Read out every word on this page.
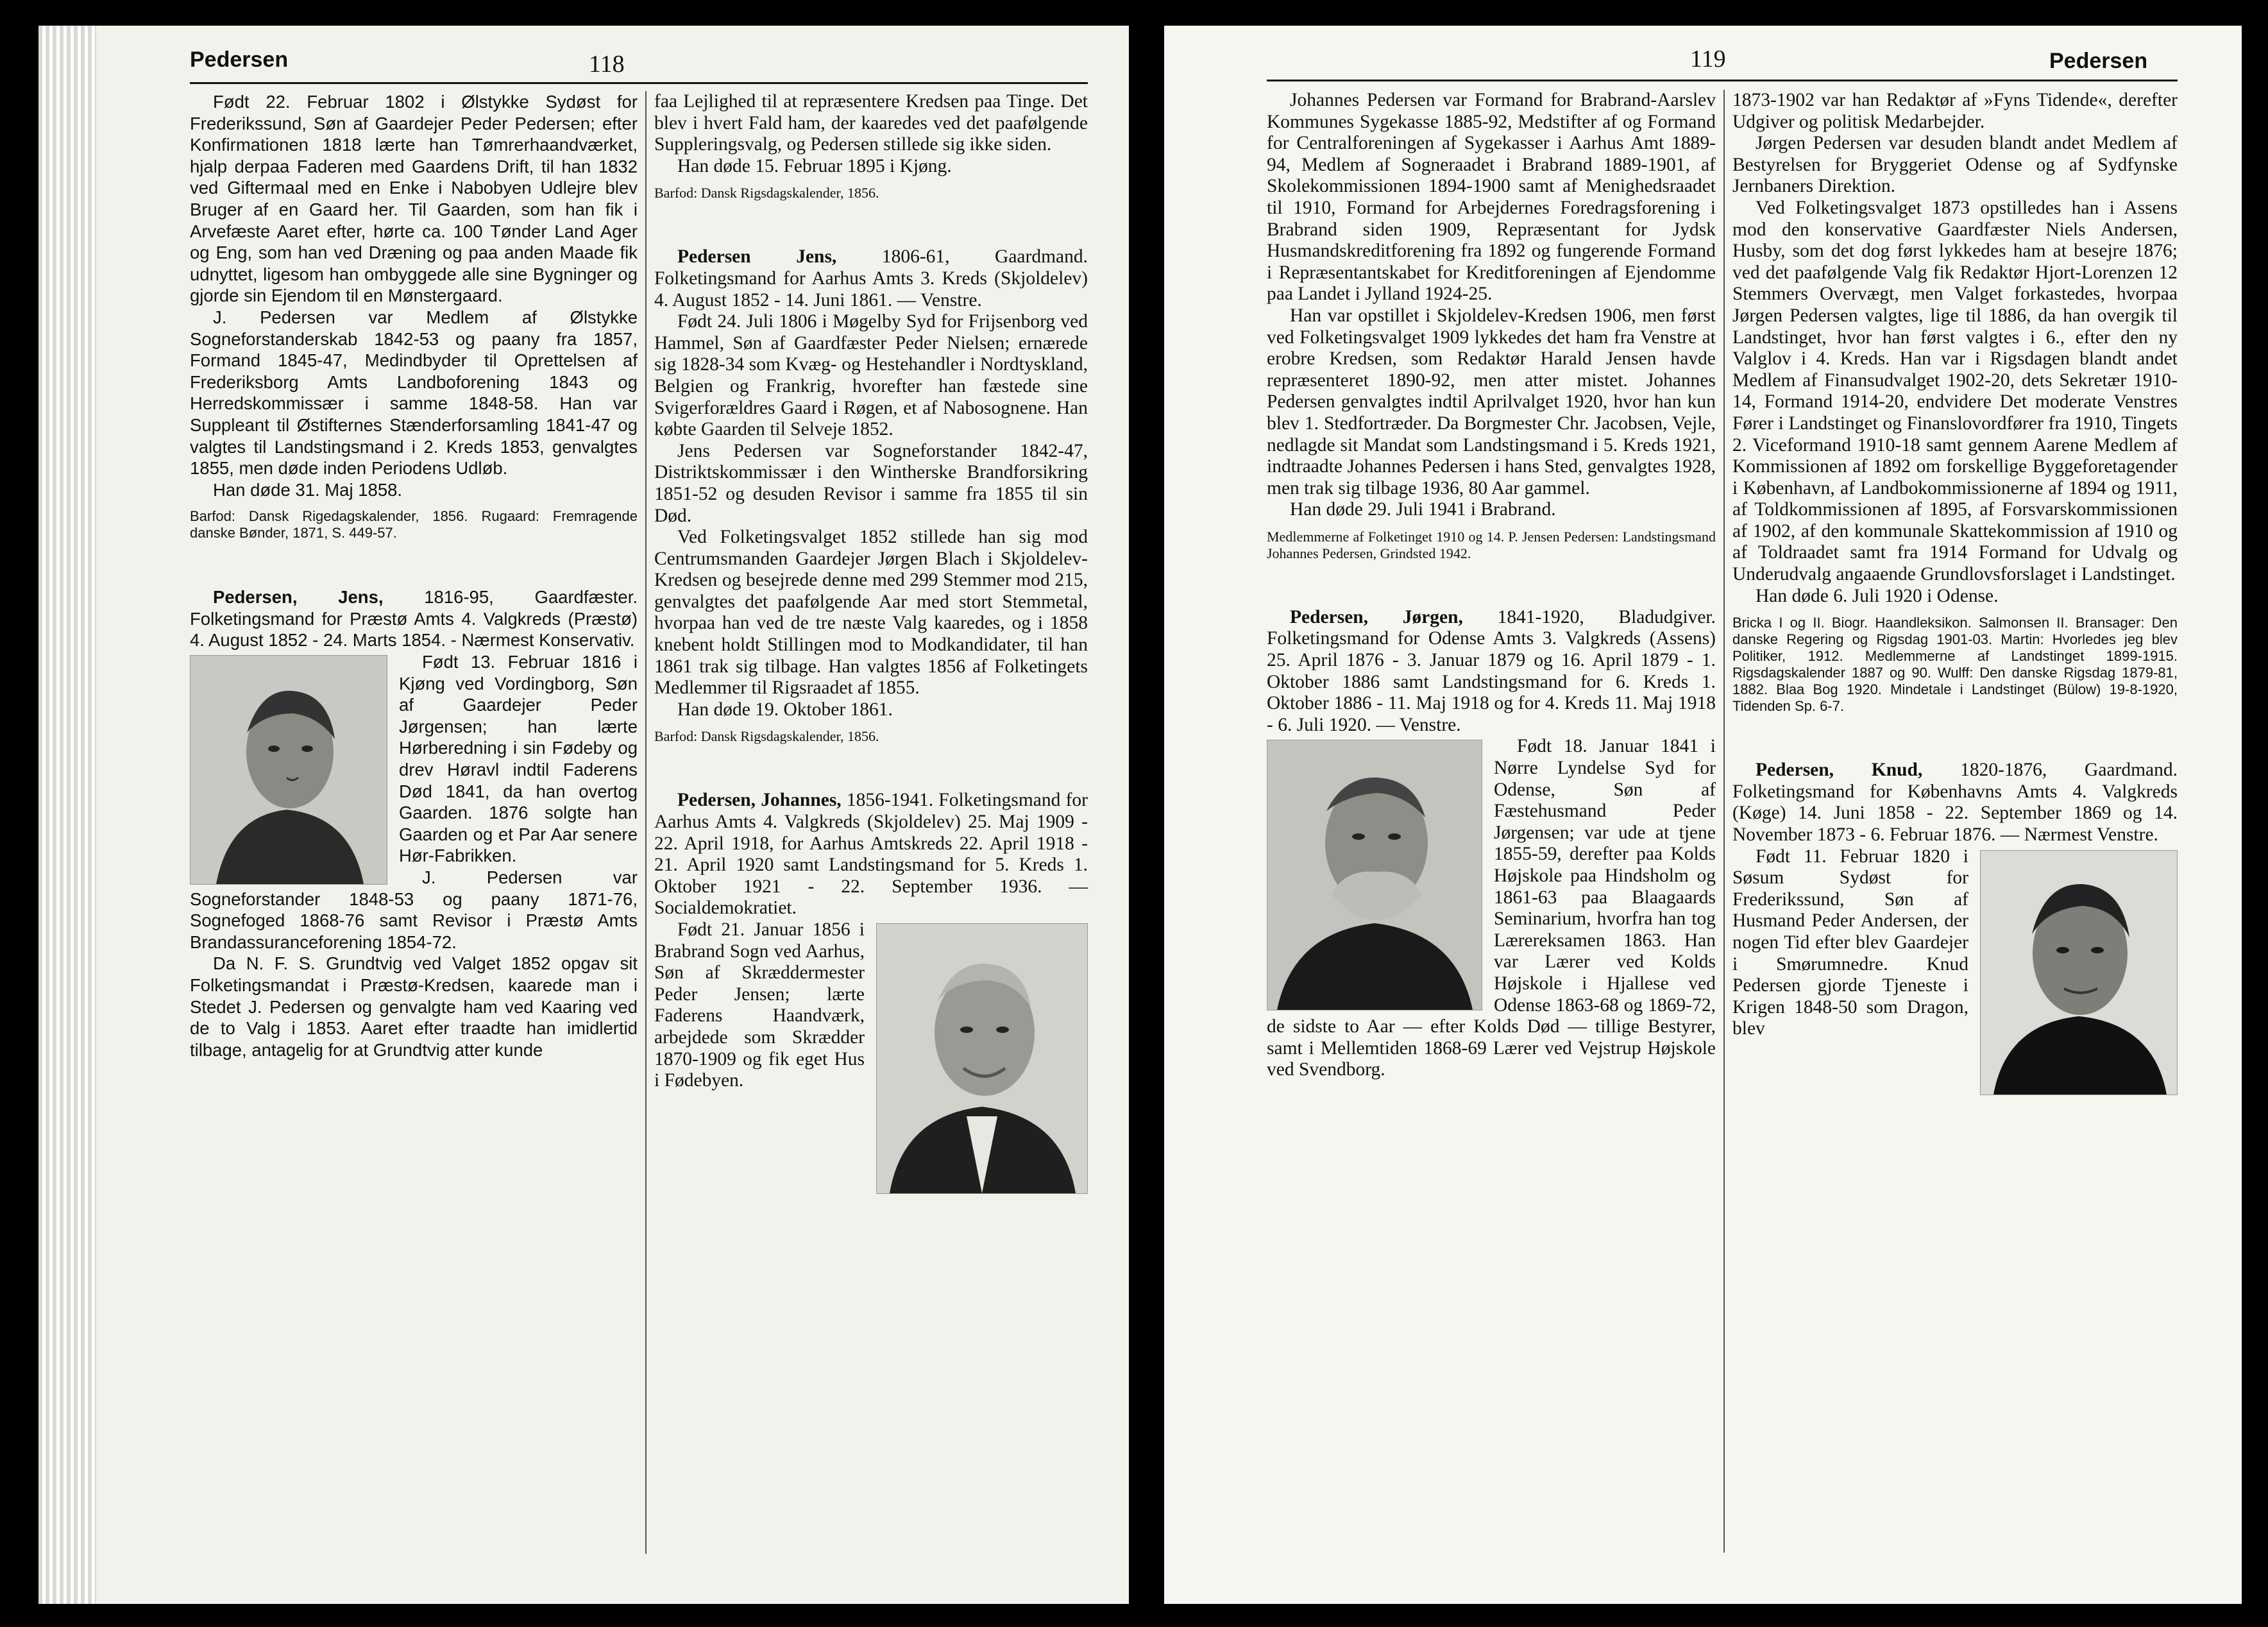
Pedersen	118

Født 22. Februar 1802 i Ølstykke Sydøst for Frederikssund, Søn af Gaardejer Peder Pedersen; efter Konfirmationen 1818 lærte han Tømrerhaandværket, hjalp derpaa Faderen med Gaardens Drift, til han 1832 ved Giftermaal med en Enke i Nabobyen Udlejre blev Bruger af en Gaard her. Til Gaarden, som han fik i Arvefæste Aaret efter, hørte ca. 100 Tønder Land Ager og Eng, som han ved Dræning og paa anden Maade fik udnyttet, ligesom han ombyggede alle sine Bygninger og gjorde sin Ejendom til en Mønstergaard.

J. Pedersen var Medlem af Ølstykke Sogneforstanderskab 1842-53 og paany fra 1857, Formand 1845-47, Medindbyder til Oprettelsen af Frederiksborg Amts Landboforening 1843 og Herredskommissær i samme 1848-58. Han var Suppleant til Østifternes Stænderforsamling 1841-47 og valgtes til Landstingsmand i 2. Kreds 1853, genvalgtes 1855, men døde inden Periodens Udløb.

Han døde 31. Maj 1858.

Barfod: Dansk Rigedagskalender, 1856. Rugaard: Fremragende danske Bønder, 1871, S. 449-57.

Pedersen, Jens, 1816-95, Gaardfæster. Folketingsmand for Præstø Amts 4. Valgkreds (Præstø) 4. August 1852 - 24. Marts 1854. - Nærmest Konservativ.

Født 13. Februar 1816 i Kjøng ved Vordingborg, Søn af Gaardejer Peder Jørgensen; han lærte Hørberedning i sin Fødeby og drev Høravl indtil Faderens Død 1841, da han overtog Gaarden. 1876 solgte han Gaarden og et Par Aar senere Hør-Fabrikken.

J. Pedersen var Sogneforstander 1848-53 og paany 1871-76, Sognefoged 1868-76 samt Revisor i Præstø Amts Brandassuranceforening 1854-72.

Da N. F. S. Grundtvig ved Valget 1852 opgav sit Folketingsmandat i Præstø-Kredsen, kaarede man i Stedet J. Pedersen og genvalgte ham ved Kaaring ved de to Valg i 1853. Aaret efter traadte han imidlertid tilbage, antagelig for at Grundtvig atter kunde

faa Lejlighed til at repræsentere Kredsen paa Tinge. Det blev i hvert Fald ham, der kaaredes ved det paafølgende Suppleringsvalg, og Pedersen stillede sig ikke siden.

Han døde 15. Februar 1895 i Kjøng.

Barfod: Dansk Rigsdagskalender, 1856.

Pedersen Jens, 1806-61, Gaardmand. Folketingsmand for Aarhus Amts 3. Kreds (Skjoldelev) 4. August 1852 - 14. Juni 1861. — Venstre.

Født 24. Juli 1806 i Møgelby Syd for Frijsenborg ved Hammel, Søn af Gaardfæster Peder Nielsen; ernærede sig 1828-34 som Kvæg- og Hestehandler i Nordtyskland, Belgien og Frankrig, hvorefter han fæstede sine Svigerforældres Gaard i Røgen, et af Nabosognene. Han købte Gaarden til Selveje 1852.

Jens Pedersen var Sogneforstander 1842-47, Distriktskommissær i den Wintherske Brandforsikring 1851-52 og desuden Revisor i samme fra 1855 til sin Død.

Ved Folketingsvalget 1852 stillede han sig mod Centrumsmanden Gaardejer Jørgen Blach i Skjoldelev-Kredsen og besejrede denne med 299 Stemmer mod 215, genvalgtes det paafølgende Aar med stort Stemmetal, hvorpaa han ved de tre næste Valg kaaredes, og i 1858 knebent holdt Stillingen mod to Modkandidater, til han 1861 trak sig tilbage. Han valgtes 1856 af Folketingets Medlemmer til Rigsraadet af 1855.

Han døde 19. Oktober 1861.

Barfod: Dansk Rigsdagskalender, 1856.

Pedersen, Johannes, 1856-1941. Folketingsmand for Aarhus Amts 4. Valgkreds (Skjoldelev) 25. Maj 1909 - 22. April 1918, for Aarhus Amtskreds 22. April 1918 - 21. April 1920 samt Landstingsmand for 5. Kreds 1. Oktober 1921 - 22. September 1936. — Socialdemokratiet.

Født 21. Januar 1856 i Brabrand Sogn ved Aarhus, Søn af Skræddermester Peder Jensen; lærte Faderens Haandværk, arbejdede som Skrædder 1870-1909 og fik eget Hus i Fødebyen.

119	Pedersen

Johannes Pedersen var Formand for Brabrand-Aarslev Kommunes Sygekasse 1885-92, Medstifter af og Formand for Centralforeningen af Sygekasser i Aarhus Amt 1889-94, Medlem af Sogneraadet i Brabrand 1889-1901, af Skolekommissionen 1894-1900 samt af Menighedsraadet til 1910, Formand for Arbejdernes Foredragsforening i Brabrand siden 1909, Repræsentant for Jydsk Husmandskreditforening fra 1892 og fungerende Formand i Repræsentantskabet for Kreditforeningen af Ejendomme paa Landet i Jylland 1924-25.

Han var opstillet i Skjoldelev-Kredsen 1906, men først ved Folketingsvalget 1909 lykkedes det ham fra Venstre at erobre Kredsen, som Redaktør Harald Jensen havde repræsenteret 1890-92, men atter mistet. Johannes Pedersen genvalgtes indtil Aprilvalget 1920, hvor han kun blev 1. Stedfortræder. Da Borgmester Chr. Jacobsen, Vejle, nedlagde sit Mandat som Landstingsmand i 5. Kreds 1921, indtraadte Johannes Pedersen i hans Sted, genvalgtes 1928, men trak sig tilbage 1936, 80 Aar gammel.

Han døde 29. Juli 1941 i Brabrand.

Medlemmerne af Folketinget 1910 og 14. P. Jensen Pedersen: Landstingsmand Johannes Pedersen, Grindsted 1942.

Pedersen, Jørgen, 1841-1920, Bladudgiver. Folketingsmand for Odense Amts 3. Valgkreds (Assens) 25. April 1876 - 3. Januar 1879 og 16. April 1879 - 1. Oktober 1886 samt Landstingsmand for 6. Kreds 1. Oktober 1886 - 11. Maj 1918 og for 4. Kreds 11. Maj 1918 - 6. Juli 1920. — Venstre.

Født 18. Januar 1841 i Nørre Lyndelse Syd for Odense, Søn af Fæstehusmand Peder Jørgensen; var ude at tjene 1855-59, derefter paa Kolds Højskole paa Hindsholm og 1861-63 paa Blaagaards Seminarium, hvorfra han tog Lærereksamen 1863. Han var Lærer ved Kolds Højskole i Hjallese ved Odense 1863-68 og 1869-72, de sidste to Aar — efter Kolds Død — tillige Bestyrer, samt i Mellemtiden 1868-69 Lærer ved Vejstrup Højskole ved Svendborg.

1873-1902 var han Redaktør af »Fyns Tidende«, derefter Udgiver og politisk Medarbejder.

Jørgen Pedersen var desuden blandt andet Medlem af Bestyrelsen for Bryggeriet Odense og af Sydfynske Jernbaners Direktion.

Ved Folketingsvalget 1873 opstilledes han i Assens mod den konservative Gaardfæster Niels Andersen, Husby, som det dog først lykkedes ham at besejre 1876; ved det paafølgende Valg fik Redaktør Hjort-Lorenzen 12 Stemmers Overvægt, men Valget forkastedes, hvorpaa Jørgen Pedersen valgtes, lige til 1886, da han overgik til Landstinget, hvor han først valgtes i 6., efter den ny Valglov i 4. Kreds. Han var i Rigsdagen blandt andet Medlem af Finansudvalget 1902-20, dets Sekretær 1910-14, Formand 1914-20, endvidere Det moderate Venstres Fører i Landstinget og Finanslovordfører fra 1910, Tingets 2. Viceformand 1910-18 samt gennem Aarene Medlem af Kommissionen af 1892 om forskellige Byggeforetagender i København, af Landbokommissionerne af 1894 og 1911, af Toldkommissionen af 1895, af Forsvarskommissionen af 1902, af den kommunale Skattekommission af 1910 og af Toldraadet samt fra 1914 Formand for Udvalg og Underudvalg angaaende Grundlovsforslaget i Landstinget.

Han døde 6. Juli 1920 i Odense.

Bricka I og II. Biogr. Haandleksikon. Salmonsen II. Bransager: Den danske Regering og Rigsdag 1901-03. Martin: Hvorledes jeg blev Politiker, 1912. Medlemmerne af Landstinget 1899-1915. Rigsdagskalender 1887 og 90. Wulff: Den danske Rigsdag 1879-81, 1882. Blaa Bog 1920. Mindetale i Landstinget (Bülow) 19-8-1920, Tidenden Sp. 6-7.

Pedersen, Knud, 1820-1876, Gaardmand. Folketingsmand for Københavns Amts 4. Valgkreds (Køge) 14. Juni 1858 - 22. September 1869 og 14. November 1873 - 6. Februar 1876. — Nærmest Venstre.

Født 11. Februar 1820 i Søsum Sydøst for Frederikssund, Søn af Husmand Peder Andersen, der nogen Tid efter blev Gaardejer i Smørumnedre. Knud Pedersen gjorde Tjeneste i Krigen 1848-50 som Dragon, blev
